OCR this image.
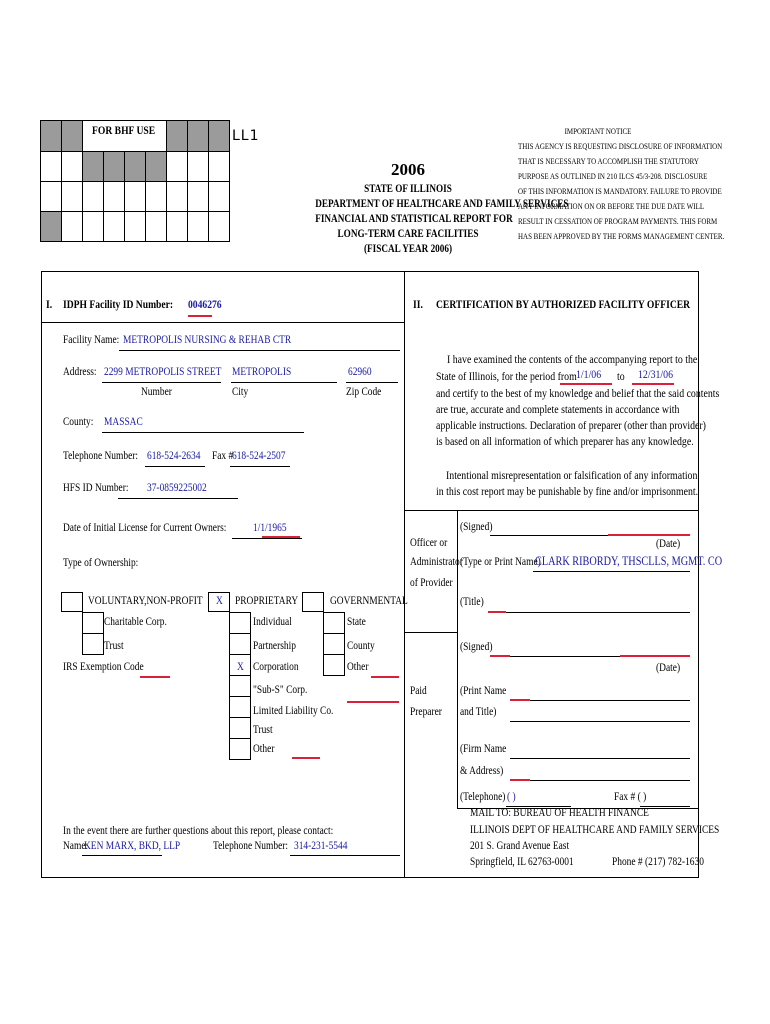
FOR BHF USE	LL1
2006
STATE OF ILLINOIS
DEPARTMENT OF HEALTHCARE AND FAMILY SERVICES
FINANCIAL AND STATISTICAL REPORT FOR
LONG-TERM CARE FACILITIES
(FISCAL YEAR 2006)
IMPORTANT NOTICE
THIS AGENCY IS REQUESTING DISCLOSURE OF INFORMATION
THAT IS NECESSARY TO ACCOMPLISH THE STATUTORY
PURPOSE AS OUTLINED IN 210 ILCS 45/3-208. DISCLOSURE
OF THIS INFORMATION IS MANDATORY. FAILURE TO PROVIDE
ANY INFORMATION ON OR BEFORE THE DUE DATE WILL
RESULT IN CESSATION OF PROGRAM PAYMENTS. THIS FORM
HAS BEEN APPROVED BY THE FORMS MANAGEMENT CENTER.
I. IDPH Facility ID Number: 0046276
Facility Name: METROPOLIS NURSING & REHAB CTR
Address: 2299 METROPOLIS STREET METROPOLIS	62960
Number	City	Zip Code
County: MASSAC
Telephone Number: 618-524-2634 Fax #
618-524-2507
HFS ID Number: 37-0859225002
Date of Initial License for Current Owners: 1/1/1965
Type of Ownership:
VOLUNTARY,NON-PROFIT
Charitable Corp.
Trust
IRS Exemption Code
X PROPRIETARY
Individual
Partnership
X Corporation
"Sub-S" Corp.
Limited Liability Co.
Trust
Other
GOVERNMENTAL
State
County
Other
In the event there are further questions about this report, please contact:
Name:
KEN MARX, BKD, LLP	Telephone Number: 314-231-5544
II. CERTIFICATION BY AUTHORIZED FACILITY OFFICER
I have examined the contents of the accompanying report to the
State of Illinois, for the period from 1/1/06 to 12/31/06
and certify to the best of my knowledge and belief that the said contents
are true, accurate and complete statements in accordance with
applicable instructions. Declaration of preparer (other than provider)
is based on all information of which preparer has any knowledge.
Intentional misrepresentation or falsification of any information
in this cost report may be punishable by fine and/or imprisonment.
Officer or
Administrator
of Provider
(Signed)
(Date)
(Type or Print Name)
CLARK RIBORDY, THSCLLS, MGMT. CO
(Title)
(Signed)
(Date)
Paid
Preparer
(Print Name
and Title)
(Firm Name
& Address)
(Telephone) ( )	Fax # ( )
MAIL TO: BUREAU OF HEALTH FINANCE
ILLINOIS DEPT OF HEALTHCARE AND FAMILY SERVICES
201 S. Grand Avenue East
Springfield, IL 62763-0001	Phone # (217) 782-1630
